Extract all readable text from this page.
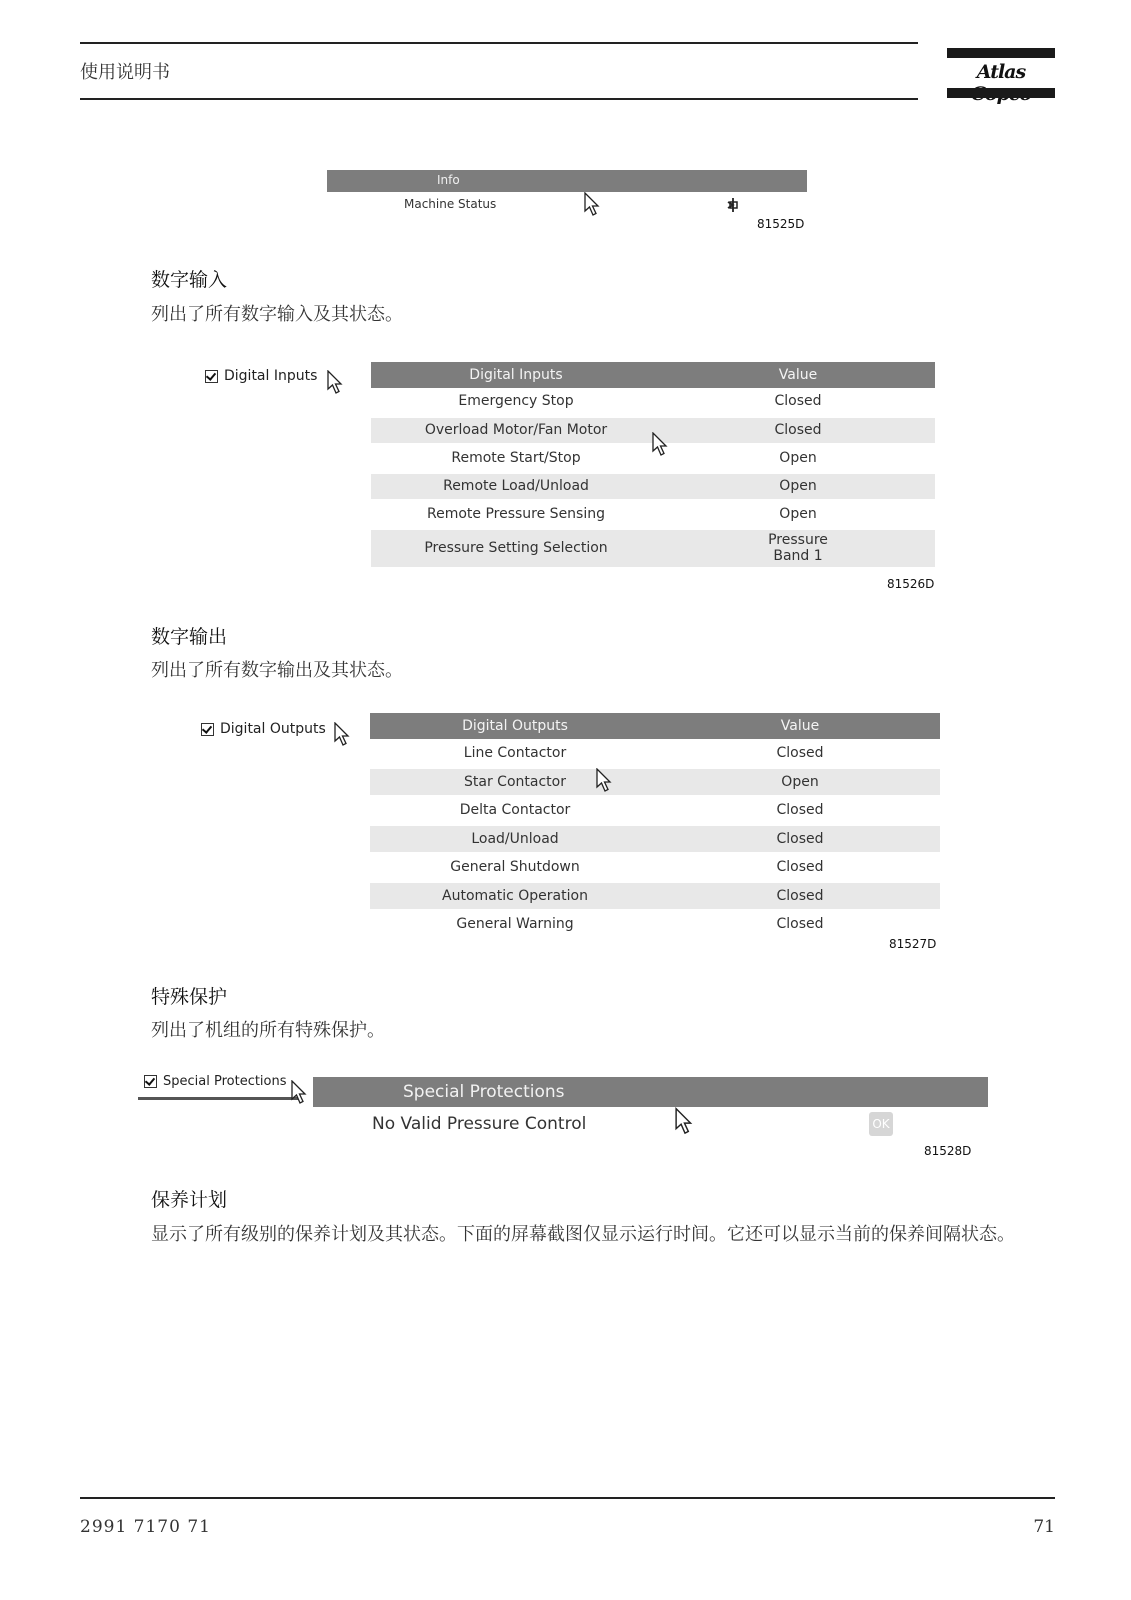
使用说明书	Atlas
Info
Machine Status
81525D
数字输入
列出了所有数字输入及其状态。
Digital Inputs	Digital Inputs	Value
Emergency Stop	Closed
Overload Motor/Fan Motor	Closed
Remote Start/Stop	Open
Remote Load/Unload	Open
Remote Pressure Sensing	Open
Pressure Setting Selection	Pressure Band 1
81526D
数字输出
列出了所有数字输出及其状态。
Digital Outputs	Digital Outputs	Value
Line Contactor	Closed
Star Contactor	Open
Delta Contactor	Closed
Load/Unload	Closed
General Shutdown	Closed
Automatic Operation	Closed
General Warning	Closed
81527D
特殊保护
列出了机组的所有特殊保护。
Special Protections
Special Protections
No Valid Pressure Control	OK
81528D
保养计划
显示了所有级别的保养计划及其状态。下面的屏幕截图仅显示运行时间。它还可以显示当前的保养间隔状态。
2991 7170 71	71
